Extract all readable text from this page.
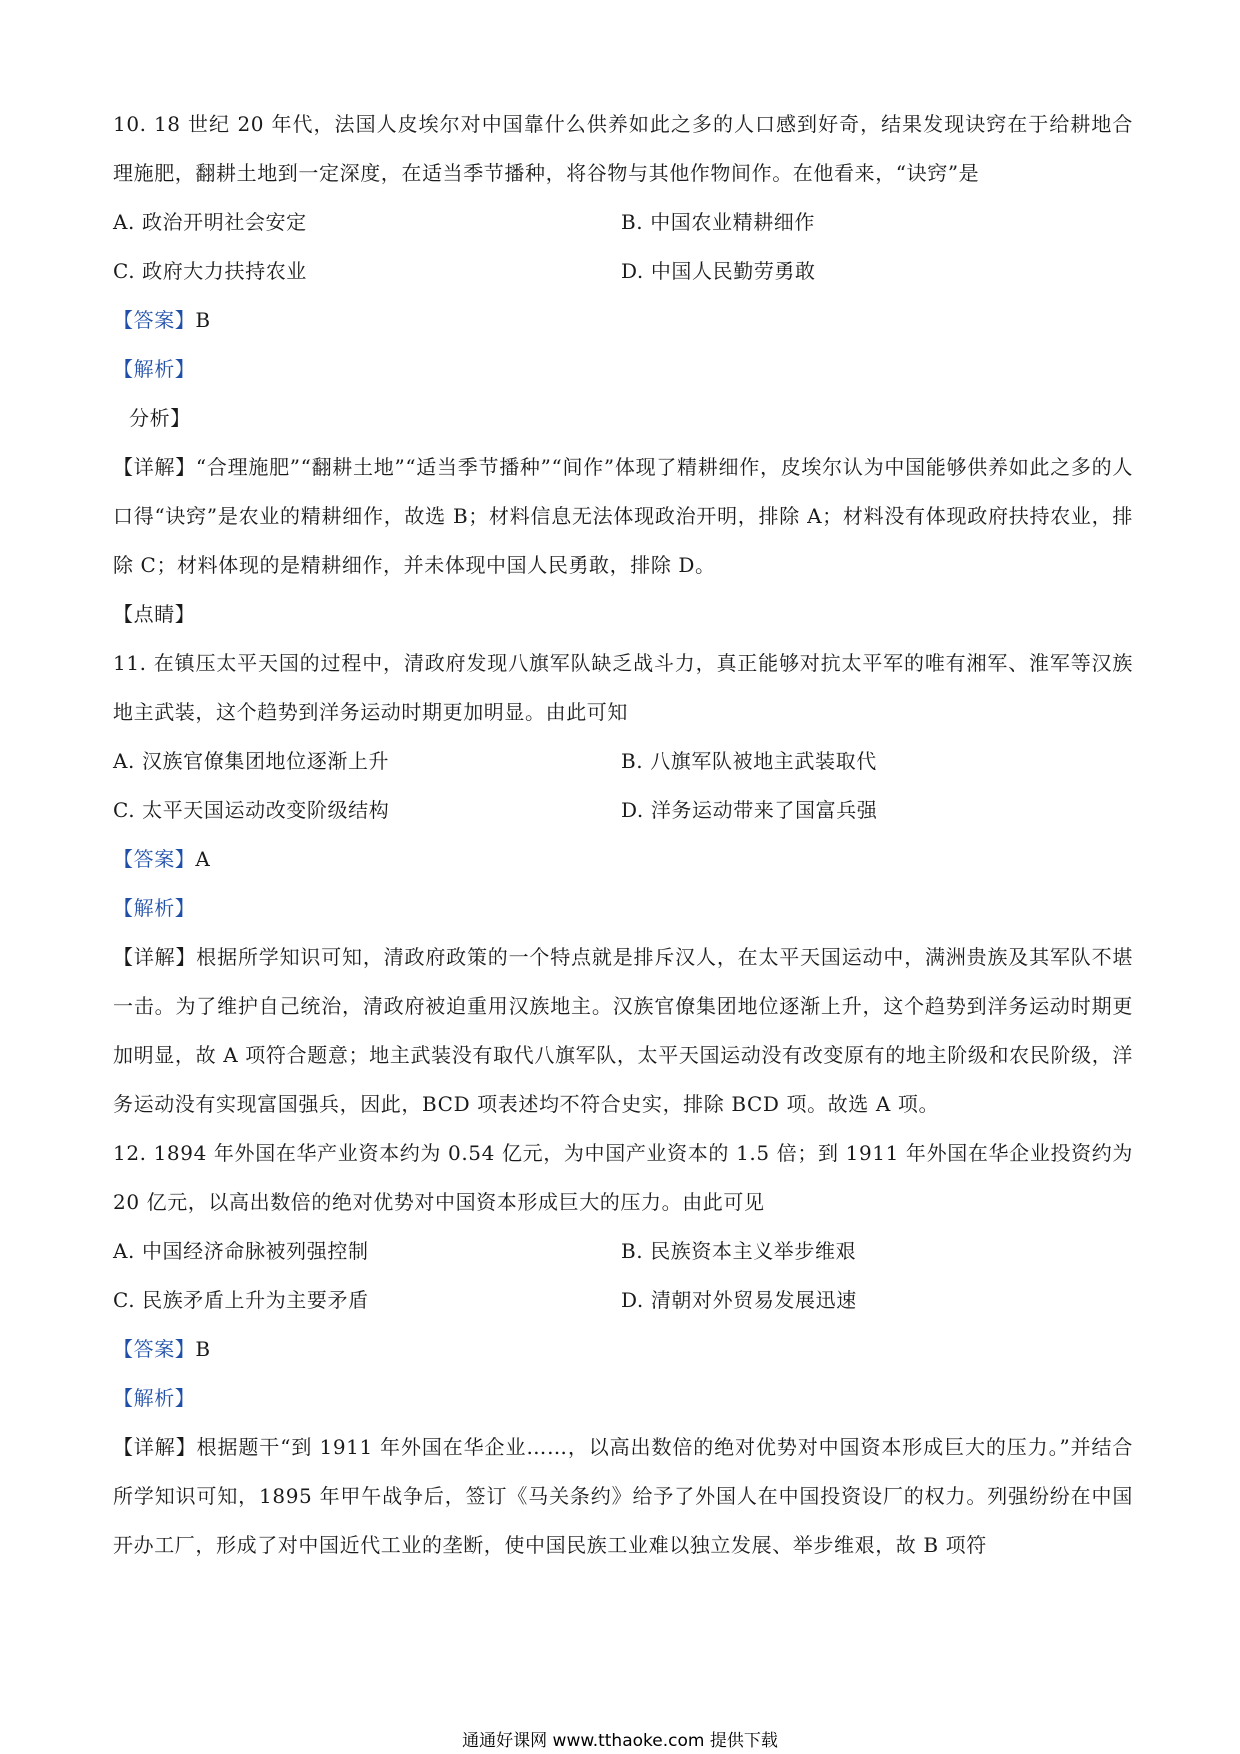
10. 18 世纪 20 年代，法国人皮埃尔对中国靠什么供养如此之多的人口感到好奇，结果发现诀窍在于给耕地合理施肥，翻耕土地到一定深度，在适当季节播种，将谷物与其他作物间作。在他看来，“诀窍”是
A. 政治开明社会安定	B. 中国农业精耕细作
C. 政府大力扶持农业	D. 中国人民勤劳勇敢
【答案】B
【解析】
分析】
【详解】“合理施肥”“翻耕土地”“适当季节播种”“间作”体现了精耕细作，皮埃尔认为中国能够供养如此之多的人口得“诀窍”是农业的精耕细作，故选 B；材料信息无法体现政治开明，排除 A；材料没有体现政府扶持农业，排除 C；材料体现的是精耕细作，并未体现中国人民勇敢，排除 D。
【点睛】
11. 在镇压太平天国的过程中，清政府发现八旗军队缺乏战斗力，真正能够对抗太平军的唯有湘军、淮军等汉族地主武装，这个趋势到洋务运动时期更加明显。由此可知
A. 汉族官僚集团地位逐渐上升	B. 八旗军队被地主武装取代
C. 太平天国运动改变阶级结构	D. 洋务运动带来了国富兵强
【答案】A
【解析】
【详解】根据所学知识可知，清政府政策的一个特点就是排斥汉人，在太平天国运动中，满洲贵族及其军队不堪一击。为了维护自己统治，清政府被迫重用汉族地主。汉族官僚集团地位逐渐上升，这个趋势到洋务运动时期更加明显，故 A 项符合题意；地主武装没有取代八旗军队，太平天国运动没有改变原有的地主阶级和农民阶级，洋务运动没有实现富国强兵，因此，BCD 项表述均不符合史实，排除 BCD 项。故选 A 项。
12. 1894 年外国在华产业资本约为 0.54 亿元，为中国产业资本的 1.5 倍；到 1911 年外国在华企业投资约为 20 亿元，以高出数倍的绝对优势对中国资本形成巨大的压力。由此可见
A. 中国经济命脉被列强控制	B. 民族资本主义举步维艰
C. 民族矛盾上升为主要矛盾	D. 清朝对外贸易发展迅速
【答案】B
【解析】
【详解】根据题干“到 1911 年外国在华企业……，以高出数倍的绝对优势对中国资本形成巨大的压力。”并结合所学知识可知，1895 年甲午战争后，签订《马关条约》给予了外国人在中国投资设厂的权力。列强纷纷在中国开办工厂，形成了对中国近代工业的垄断，使中国民族工业难以独立发展、举步维艰，故 B 项符
通通好课网 www.tthaoke.com 提供下载
